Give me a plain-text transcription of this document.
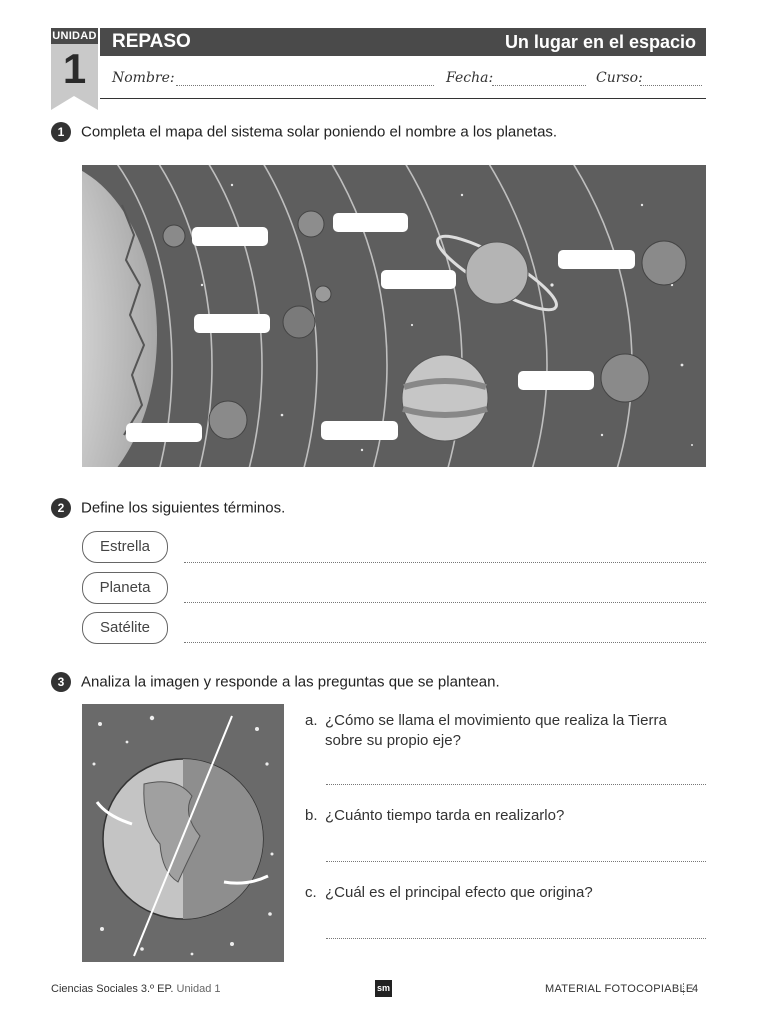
UNIDAD
1
REPASO	Un lugar en el espacio
Nombre:	Fecha:	Curso:
1 Completa el mapa del sistema solar poniendo el nombre a los planetas.
2 Define los siguientes términos.
Estrella
Planeta
Satélite
3 Analiza la imagen y responde a las preguntas que se plantean.
a. ¿Cómo se llama el movimiento que realiza la Tierra sobre su propio eje?
b. ¿Cuánto tiempo tarda en realizarlo?
c. ¿Cuál es el principal efecto que origina?
Ciencias Sociales 3.º EP. Unidad 1	sm	MATERIAL FOTOCOPIABLE
4
